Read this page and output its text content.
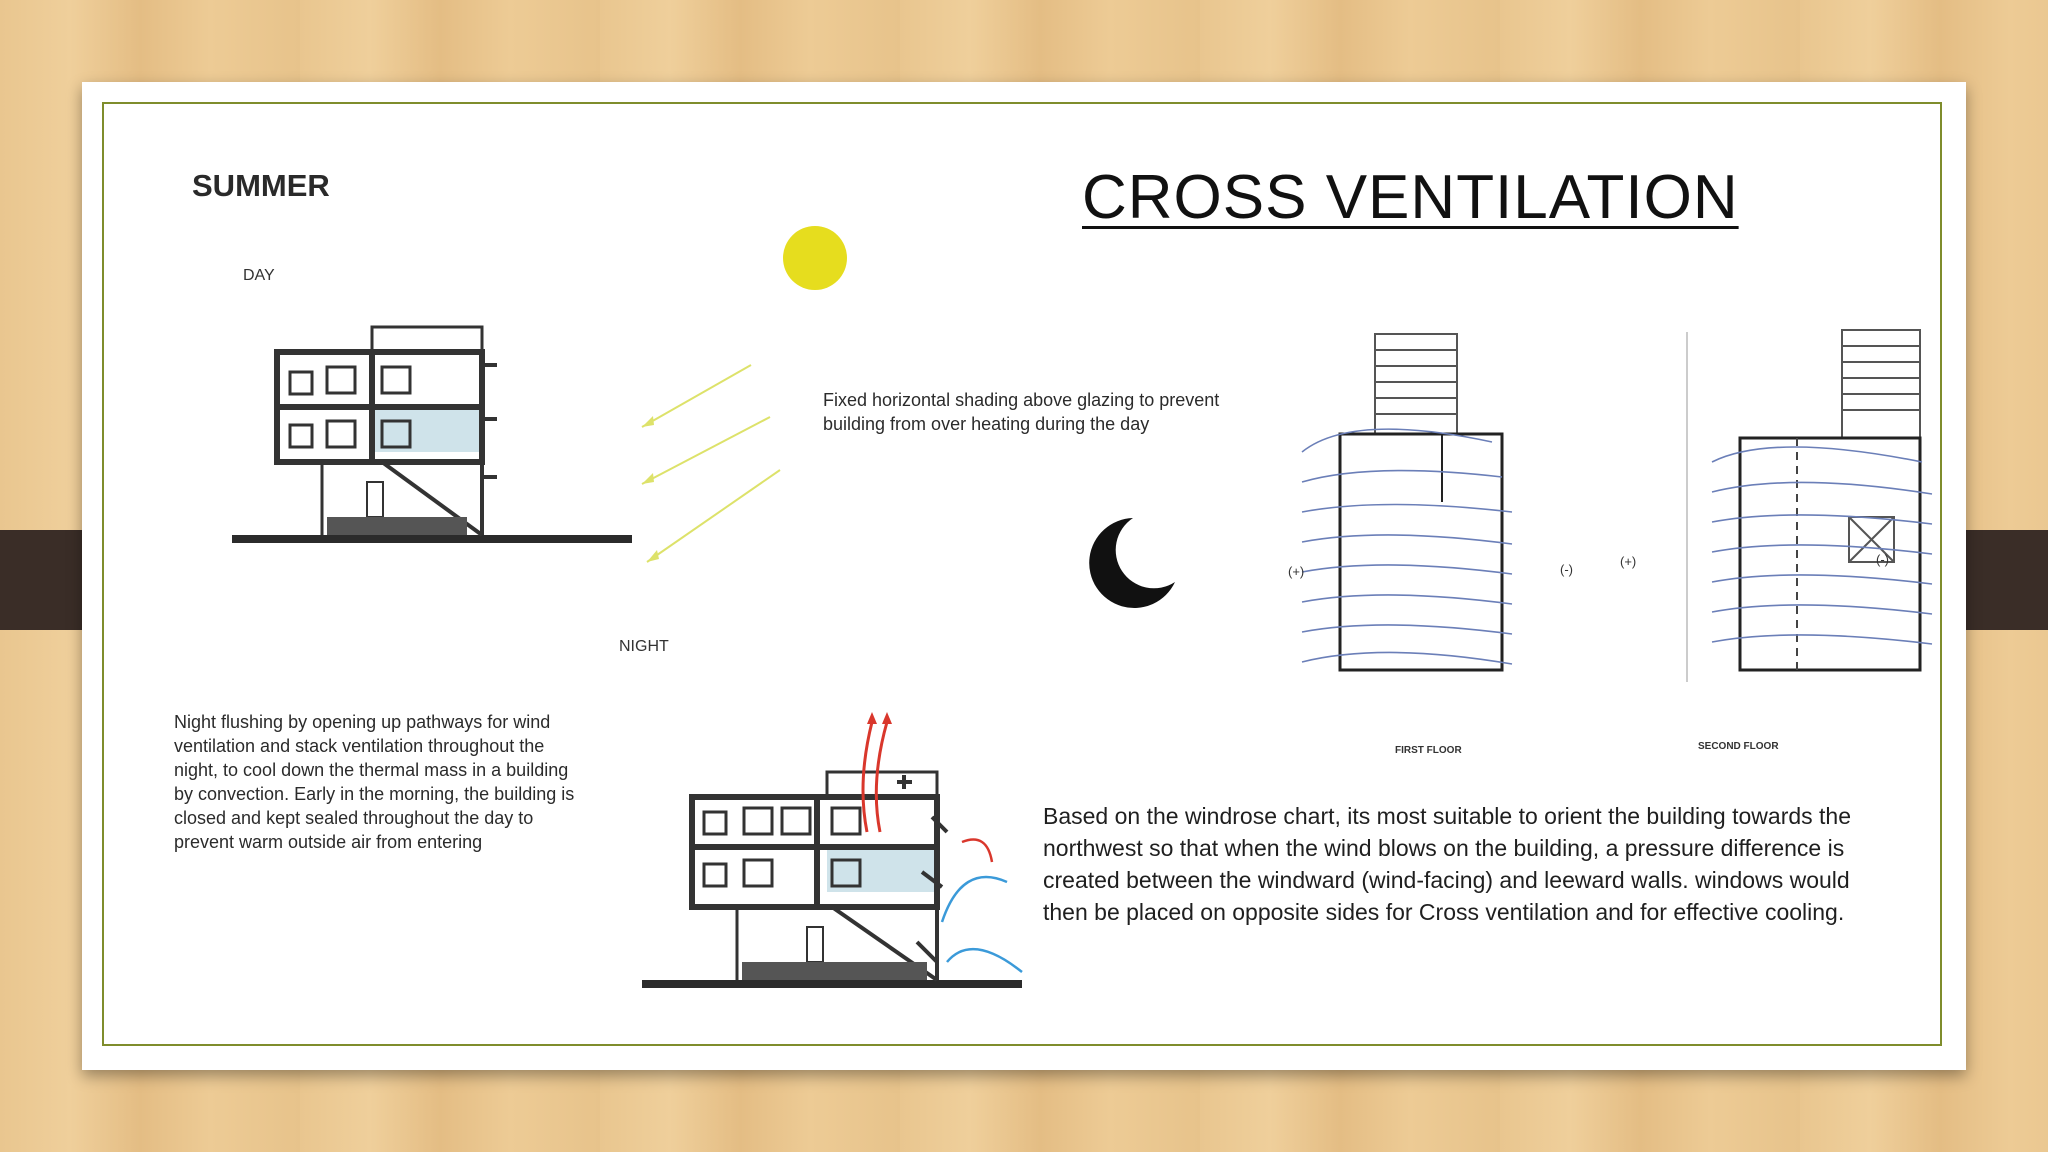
CROSS VENTILATION
SUMMER
DAY
NIGHT
Fixed horizontal shading above glazing to prevent building from over heating during the day
Night flushing by opening up pathways for wind ventilation and stack ventilation throughout the night, to cool down the thermal mass in a building by convection. Early in the morning, the building is closed and kept sealed throughout the day to prevent warm outside air from entering
Based on the windrose chart, its most suitable to orient the building towards the northwest so that when the wind blows on the building, a pressure difference is created between the windward (wind-facing) and leeward walls. windows would then be placed on opposite sides for Cross ventilation and for effective cooling.
(+)	(-)
(+)	(-)
FIRST FLOOR	SECOND FLOOR
